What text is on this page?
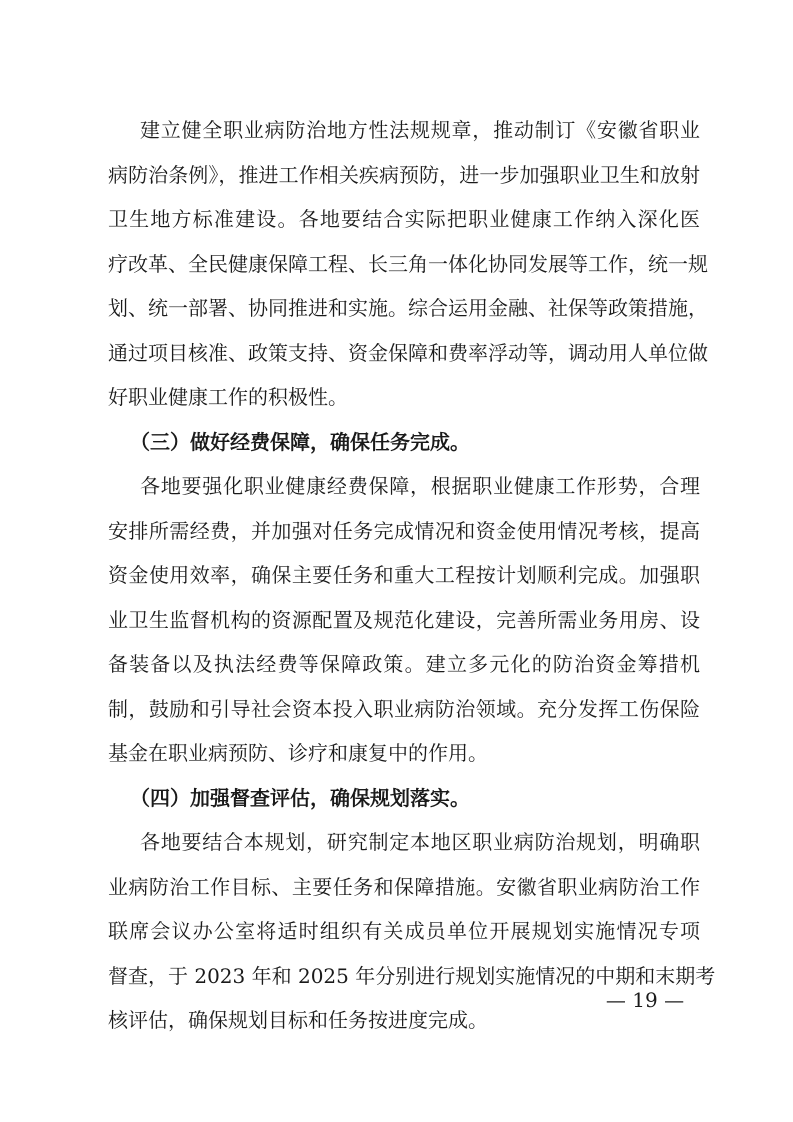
建立健全职业病防治地方性法规规章，推动制订《安徽省职业
病防治条例》，推进工作相关疾病预防，进一步加强职业卫生和放射
卫生地方标准建设。各地要结合实际把职业健康工作纳入深化医
疗改革、全民健康保障工程、长三角一体化协同发展等工作，统一规
划、统一部署、协同推进和实施。综合运用金融、社保等政策措施，
通过项目核准、政策支持、资金保障和费率浮动等，调动用人单位做
好职业健康工作的积极性。
（三）做好经费保障，确保任务完成。
各地要强化职业健康经费保障，根据职业健康工作形势，合理
安排所需经费，并加强对任务完成情况和资金使用情况考核，提高
资金使用效率，确保主要任务和重大工程按计划顺利完成。加强职
业卫生监督机构的资源配置及规范化建设，完善所需业务用房、设
备装备以及执法经费等保障政策。建立多元化的防治资金筹措机
制，鼓励和引导社会资本投入职业病防治领域。充分发挥工伤保险
基金在职业病预防、诊疗和康复中的作用。
（四）加强督查评估，确保规划落实。
各地要结合本规划，研究制定本地区职业病防治规划，明确职
业病防治工作目标、主要任务和保障措施。安徽省职业病防治工作
联席会议办公室将适时组织有关成员单位开展规划实施情况专项
督查，于 2023 年和 2025 年分别进行规划实施情况的中期和末期考
核评估，确保规划目标和任务按进度完成。
— 19 —
